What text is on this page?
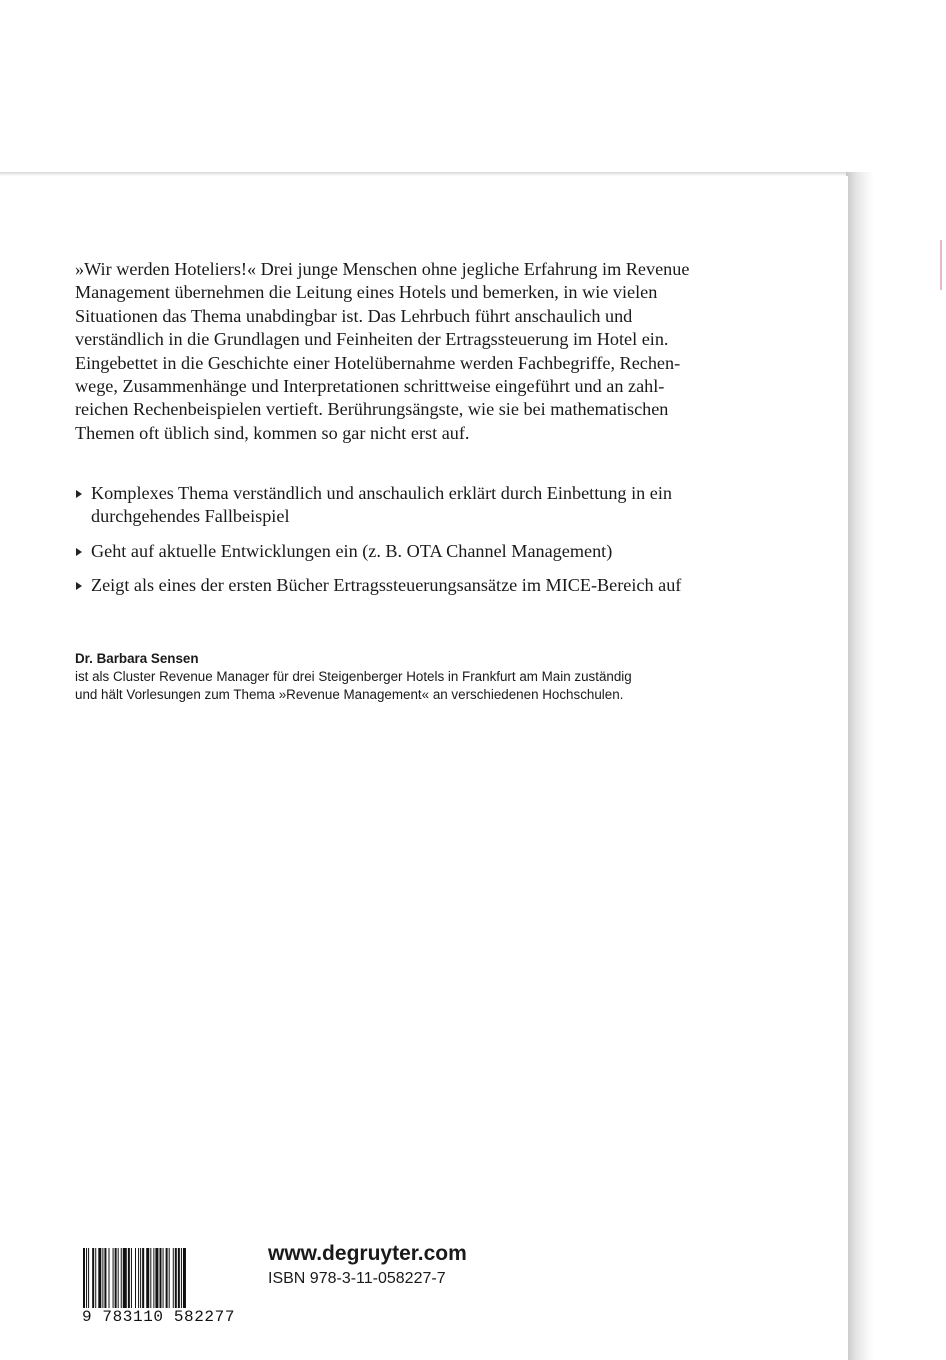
»Wir werden Hoteliers!« Drei junge Menschen ohne jegliche Erfahrung im Revenue
Management übernehmen die Leitung eines Hotels und bemerken, in wie vielen
Situationen das Thema unabdingbar ist. Das Lehrbuch führt anschaulich und
verständlich in die Grundlagen und Feinheiten der Ertragssteuerung im Hotel ein.
Eingebettet in die Geschichte einer Hotelübernahme werden Fachbegriffe, Rechen-
wege, Zusammenhänge und Interpretationen schrittweise eingeführt und an zahl-
reichen Rechenbeispielen vertieft. Berührungsängste, wie sie bei mathematischen
Themen oft üblich sind, kommen so gar nicht erst auf.
Komplexes Thema verständlich und anschaulich erklärt durch Einbettung in ein
durchgehendes Fallbeispiel
Geht auf aktuelle Entwicklungen ein (z. B. OTA Channel Management)
Zeigt als eines der ersten Bücher Ertragssteuerungsansätze im MICE-Bereich auf
Dr. Barbara Sensen
ist als Cluster Revenue Manager für drei Steigenberger Hotels in Frankfurt am Main zuständig
und hält Vorlesungen zum Thema »Revenue Management« an verschiedenen Hochschulen.
9 783110 582277
www.degruyter.com
ISBN 978-3-11-058227-7
